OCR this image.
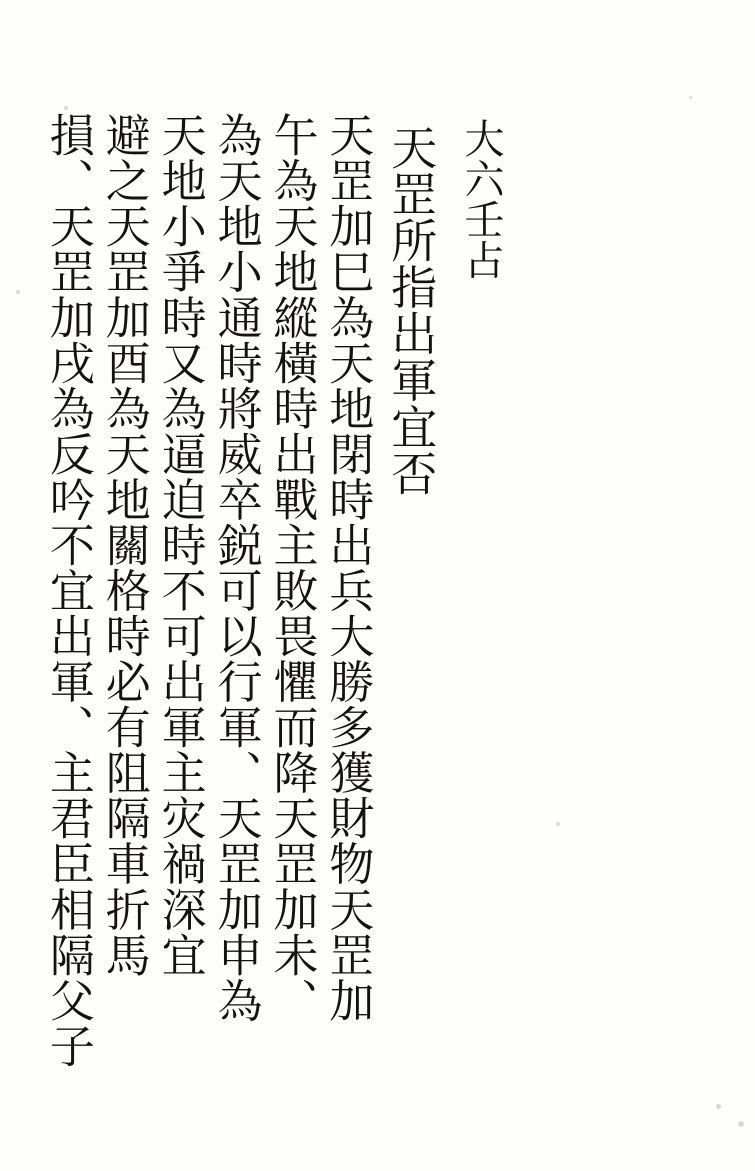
損、天罡加戌為反吟不宜出軍、主君臣相隔父子 避之天罡加酉為天地關格時必有阻隔車折馬 天地小爭時又為逼迫時不可出軍主灾禍深宜 為天地小通時將威卒鋭可以行軍、天罡加申為 午為天地縱橫時出戰主敗畏懼而降天罡加未、 天罡加巳為天地閉時出兵大勝多獲財物天罡加 天罡所指出軍宜否 大六壬占
